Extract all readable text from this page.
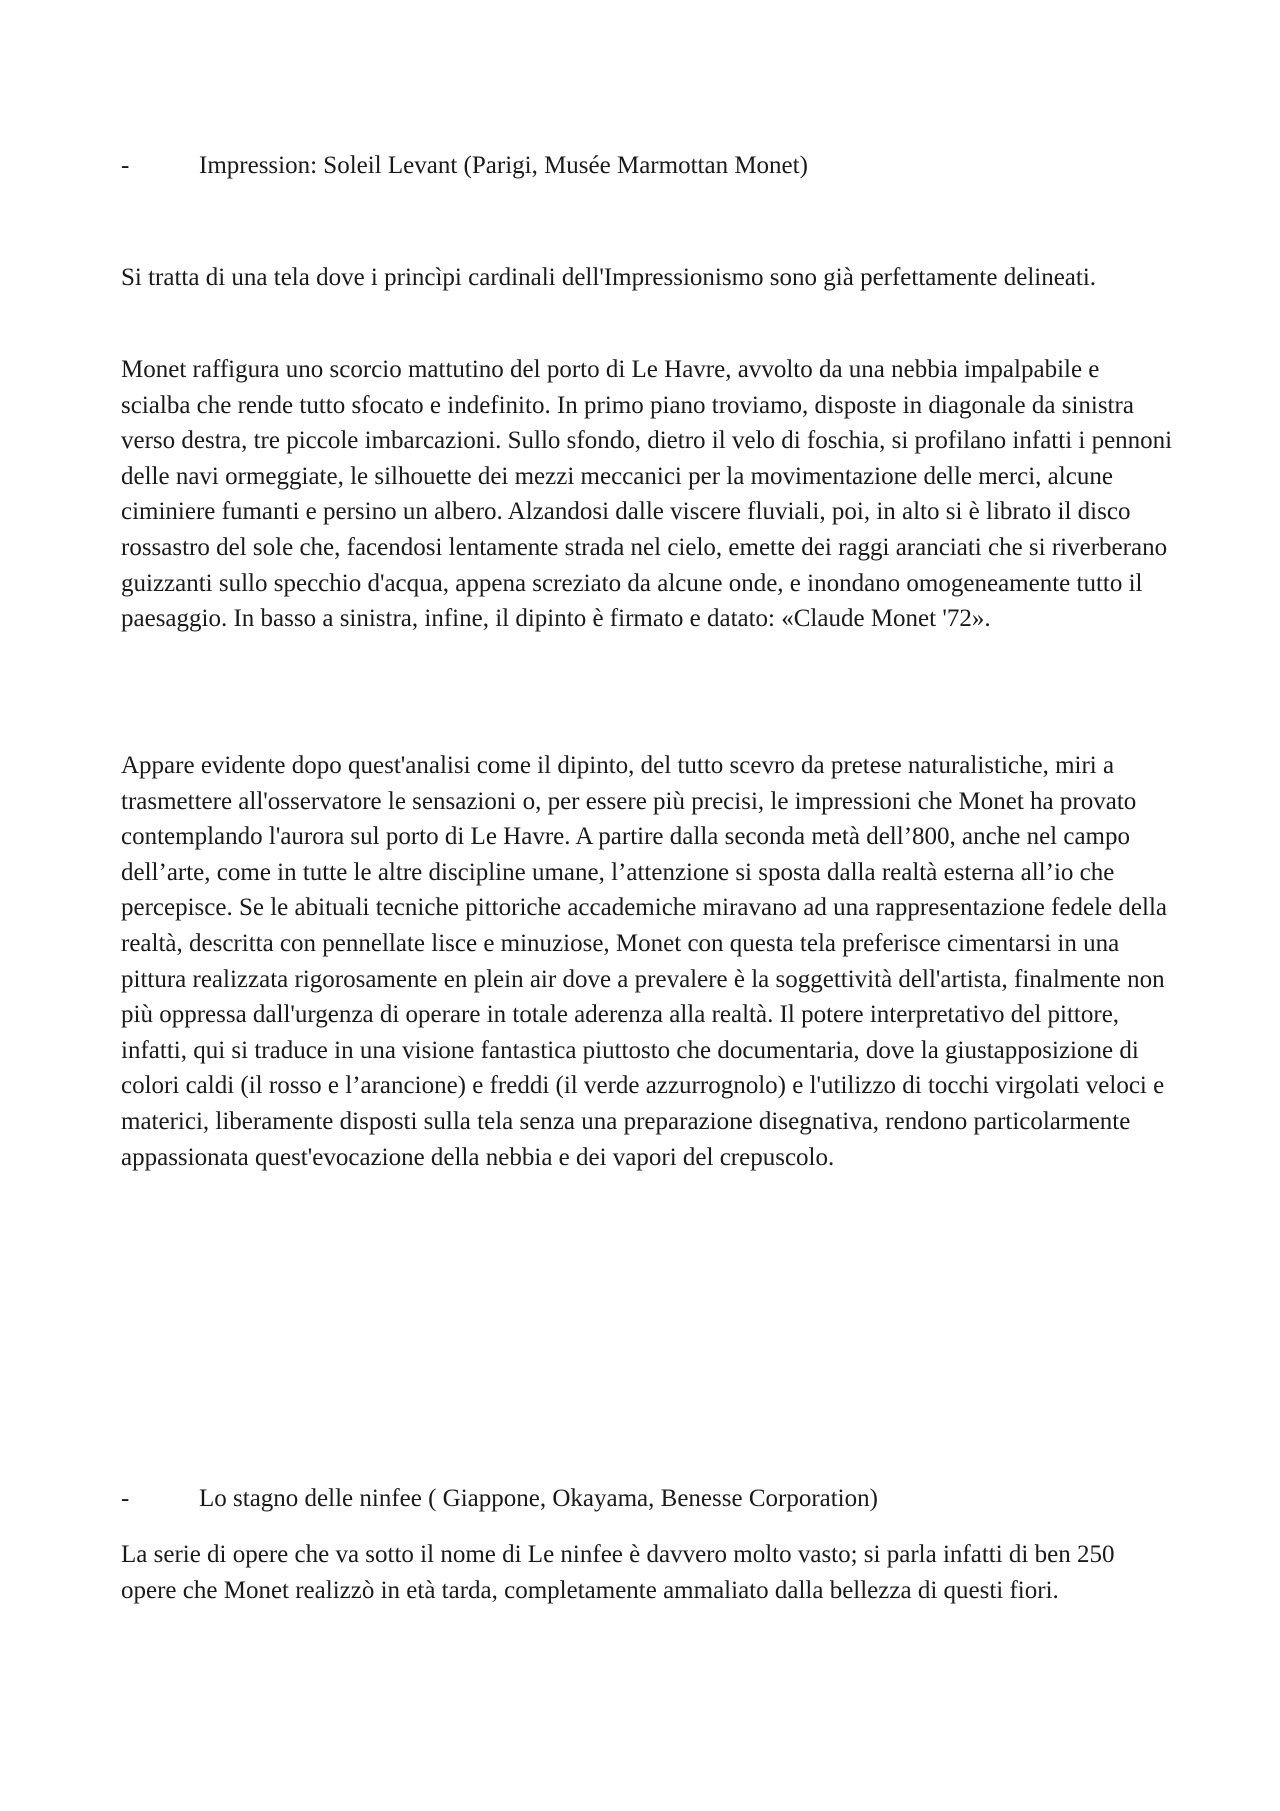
-	Impression: Soleil Levant (Parigi, Musée Marmottan Monet)

Si tratta di una tela dove i princìpi cardinali dell'Impressionismo sono già perfettamente delineati.

Monet raffigura uno scorcio mattutino del porto di Le Havre, avvolto da una nebbia impalpabile e scialba che rende tutto sfocato e indefinito. In primo piano troviamo, disposte in diagonale da sinistra verso destra, tre piccole imbarcazioni. Sullo sfondo, dietro il velo di foschia, si profilano infatti i pennoni delle navi ormeggiate, le silhouette dei mezzi meccanici per la movimentazione delle merci, alcune ciminiere fumanti e persino un albero. Alzandosi dalle viscere fluviali, poi, in alto si è librato il disco rossastro del sole che, facendosi lentamente strada nel cielo, emette dei raggi aranciati che si riverberano guizzanti sullo specchio d'acqua, appena screziato da alcune onde, e inondano omogeneamente tutto il paesaggio. In basso a sinistra, infine, il dipinto è firmato e datato: «Claude Monet '72».

Appare evidente dopo quest'analisi come il dipinto, del tutto scevro da pretese naturalistiche, miri a trasmettere all'osservatore le sensazioni o, per essere più precisi, le impressioni che Monet ha provato contemplando l'aurora sul porto di Le Havre. A partire dalla seconda metà dell’800, anche nel campo dell’arte, come in tutte le altre discipline umane, l’attenzione si sposta dalla realtà esterna all’io che percepisce. Se le abituali tecniche pittoriche accademiche miravano ad una rappresentazione fedele della realtà, descritta con pennellate lisce e minuziose, Monet con questa tela preferisce cimentarsi in una pittura realizzata rigorosamente en plein air dove a prevalere è la soggettività dell'artista, finalmente non più oppressa dall'urgenza di operare in totale aderenza alla realtà. Il potere interpretativo del pittore, infatti, qui si traduce in una visione fantastica piuttosto che documentaria, dove la giustapposizione di colori caldi (il rosso e l’arancione) e freddi (il verde azzurrognolo) e l'utilizzo di tocchi virgolati veloci e materici, liberamente disposti sulla tela senza una preparazione disegnativa, rendono particolarmente appassionata quest'evocazione della nebbia e dei vapori del crepuscolo.

-	Lo stagno delle ninfee ( Giappone, Okayama, Benesse Corporation)

La serie di opere che va sotto il nome di Le ninfee è davvero molto vasto; si parla infatti di ben 250 opere che Monet realizzò in età tarda, completamente ammaliato dalla bellezza di questi fiori.
